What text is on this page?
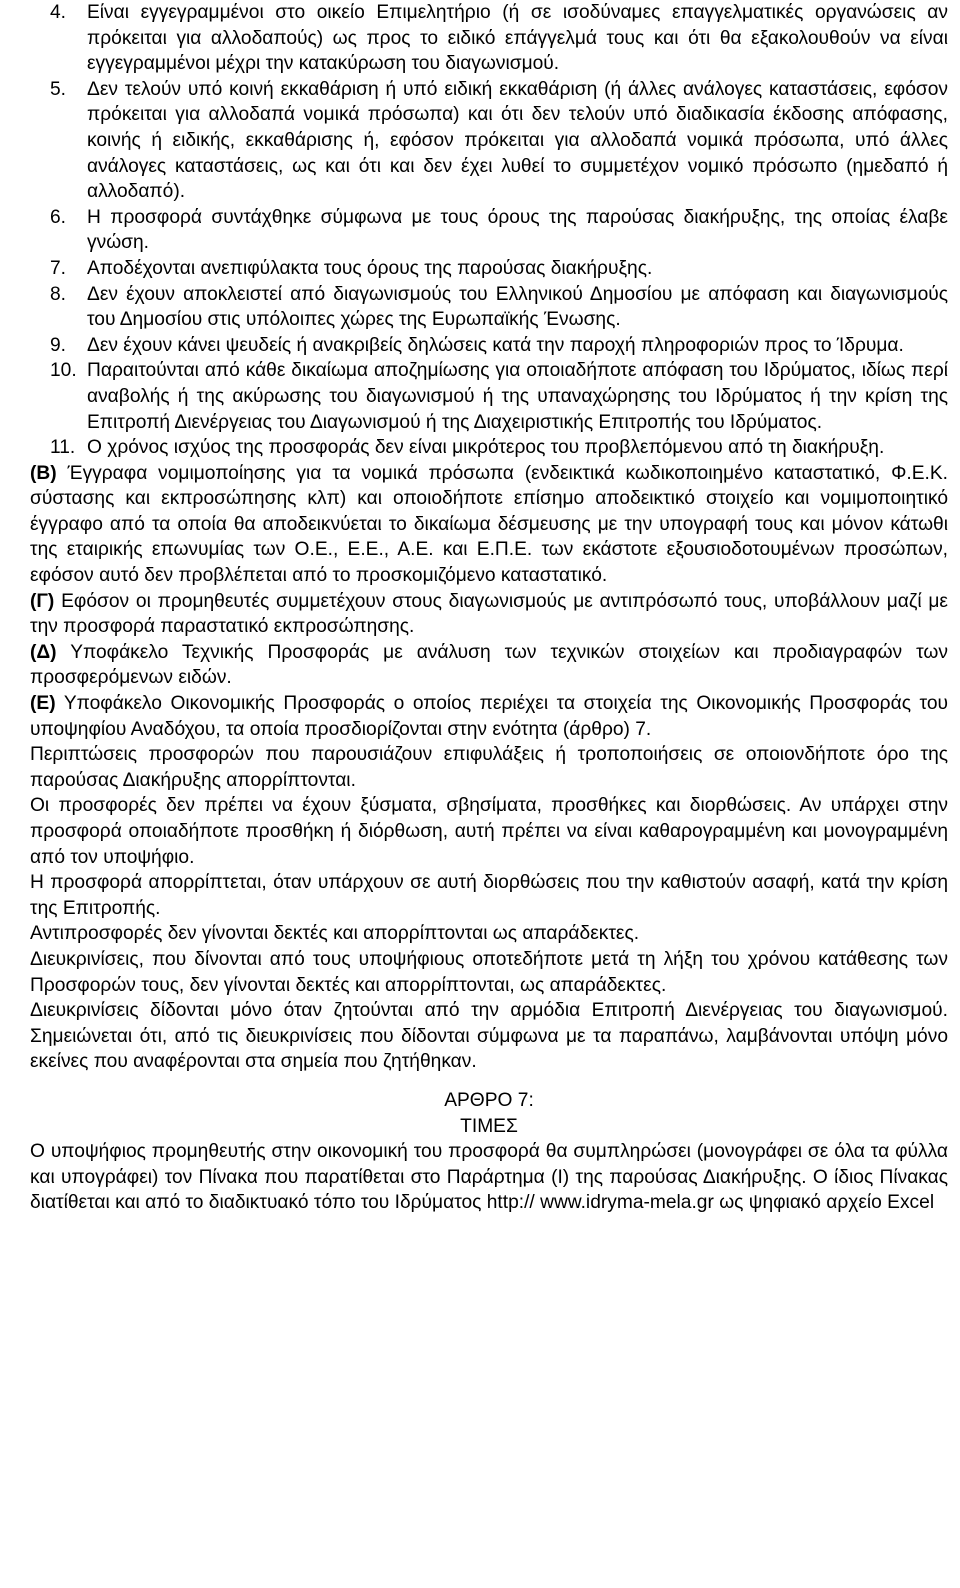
4. Είναι εγγεγραμμένοι στο οικείο Επιμελητήριο (ή σε ισοδύναμες επαγγελματικές οργανώσεις αν πρόκειται για αλλοδαπούς) ως προς το ειδικό επάγγελμά τους και ότι θα εξακολουθούν να είναι εγγεγραμμένοι μέχρι την κατακύρωση του διαγωνισμού.
5. Δεν τελούν υπό κοινή εκκαθάριση ή υπό ειδική εκκαθάριση (ή άλλες ανάλογες καταστάσεις, εφόσον πρόκειται για αλλοδαπά νομικά πρόσωπα) και ότι δεν τελούν υπό διαδικασία έκδοσης απόφασης, κοινής ή ειδικής, εκκαθάρισης ή, εφόσον πρόκειται για αλλοδαπά νομικά πρόσωπα, υπό άλλες ανάλογες καταστάσεις, ως και ότι και δεν έχει λυθεί το συμμετέχον νομικό πρόσωπο (ημεδαπό ή αλλοδαπό).
6. Η προσφορά συντάχθηκε σύμφωνα με τους όρους της παρούσας διακήρυξης, της οποίας έλαβε γνώση.
7. Αποδέχονται ανεπιφύλακτα τους όρους της παρούσας διακήρυξης.
8. Δεν έχουν αποκλειστεί από διαγωνισμούς του Ελληνικού Δημοσίου με απόφαση και διαγωνισμούς του Δημοσίου στις υπόλοιπες χώρες της Ευρωπαϊκής Ένωσης.
9. Δεν έχουν κάνει ψευδείς ή ανακριβείς δηλώσεις κατά την παροχή πληροφοριών προς το Ίδρυμα.
10. Παραιτούνται από κάθε δικαίωμα αποζημίωσης για οποιαδήποτε απόφαση του Ιδρύματος, ιδίως περί αναβολής ή της ακύρωσης του διαγωνισμού ή της υπαναχώρησης του Ιδρύματος ή την κρίση της Επιτροπή Διενέργειας του Διαγωνισμού ή της Διαχειριστικής Επιτροπής του Ιδρύματος.
11. Ο χρόνος ισχύος της προσφοράς δεν είναι μικρότερος του προβλεπόμενου από τη διακήρυξη.

(Β) Έγγραφα νομιμοποίησης για τα νομικά πρόσωπα (ενδεικτικά κωδικοποιημένο καταστατικό, Φ.Ε.Κ. σύστασης και εκπροσώπησης κλπ) και οποιοδήποτε επίσημο αποδεικτικό στοιχείο και νομιμοποιητικό έγγραφο από τα οποία θα αποδεικνύεται το δικαίωμα δέσμευσης με την υπογραφή τους και μόνον κάτωθι της εταιρικής επωνυμίας των Ο.Ε., Ε.Ε., Α.Ε. και Ε.Π.Ε. των εκάστοτε εξουσιοδοτουμένων προσώπων, εφόσον αυτό δεν προβλέπεται από το προσκομιζόμενο καταστατικό.

(Γ) Εφόσον οι προμηθευτές συμμετέχουν στους διαγωνισμούς με αντιπρόσωπό τους, υποβάλλουν μαζί με την προσφορά παραστατικό εκπροσώπησης.

(Δ) Υποφάκελο Τεχνικής Προσφοράς με ανάλυση των τεχνικών στοιχείων και προδιαγραφών των προσφερόμενων ειδών.

(Ε) Υποφάκελο Οικονομικής Προσφοράς ο οποίος περιέχει τα στοιχεία της Οικονομικής Προσφοράς του υποψηφίου Αναδόχου, τα οποία προσδιορίζονται στην ενότητα (άρθρο) 7.

Περιπτώσεις προσφορών που παρουσιάζουν επιφυλάξεις ή τροποποιήσεις σε οποιονδήποτε όρο της παρούσας Διακήρυξης απορρίπτονται.

Οι προσφορές δεν πρέπει να έχουν ξύσματα, σβησίματα, προσθήκες και διορθώσεις. Αν υπάρχει στην προσφορά οποιαδήποτε προσθήκη ή διόρθωση, αυτή πρέπει να είναι καθαρογραμμένη και μονογραμμένη από τον υποψήφιο.

Η προσφορά απορρίπτεται, όταν υπάρχουν σε αυτή διορθώσεις που την καθιστούν ασαφή, κατά την κρίση της Επιτροπής.

Αντιπροσφορές δεν γίνονται δεκτές και απορρίπτονται ως απαράδεκτες.

Διευκρινίσεις, που δίνονται από τους υποψήφιους οποτεδήποτε μετά τη λήξη του χρόνου κατάθεσης των Προσφορών τους, δεν γίνονται δεκτές και απορρίπτονται, ως απαράδεκτες.

Διευκρινίσεις δίδονται μόνο όταν ζητούνται από την αρμόδια Επιτροπή Διενέργειας του διαγωνισμού. Σημειώνεται ότι, από τις διευκρινίσεις που δίδονται σύμφωνα με τα παραπάνω, λαμβάνονται υπόψη μόνο εκείνες που αναφέρονται στα σημεία που ζητήθηκαν.

ΑΡΘΡΟ 7:
ΤΙΜΕΣ

Ο υποψήφιος προμηθευτής στην οικονομική του προσφορά θα συμπληρώσει (μονογράφει σε όλα τα φύλλα και υπογράφει) τον Πίνακα που παρατίθεται στο Παράρτημα (Ι) της παρούσας Διακήρυξης. Ο ίδιος Πίνακας διατίθεται και από το διαδικτυακό τόπο του Ιδρύματος http:// www.idryma-mela.gr ως ψηφιακό αρχείο Excel
